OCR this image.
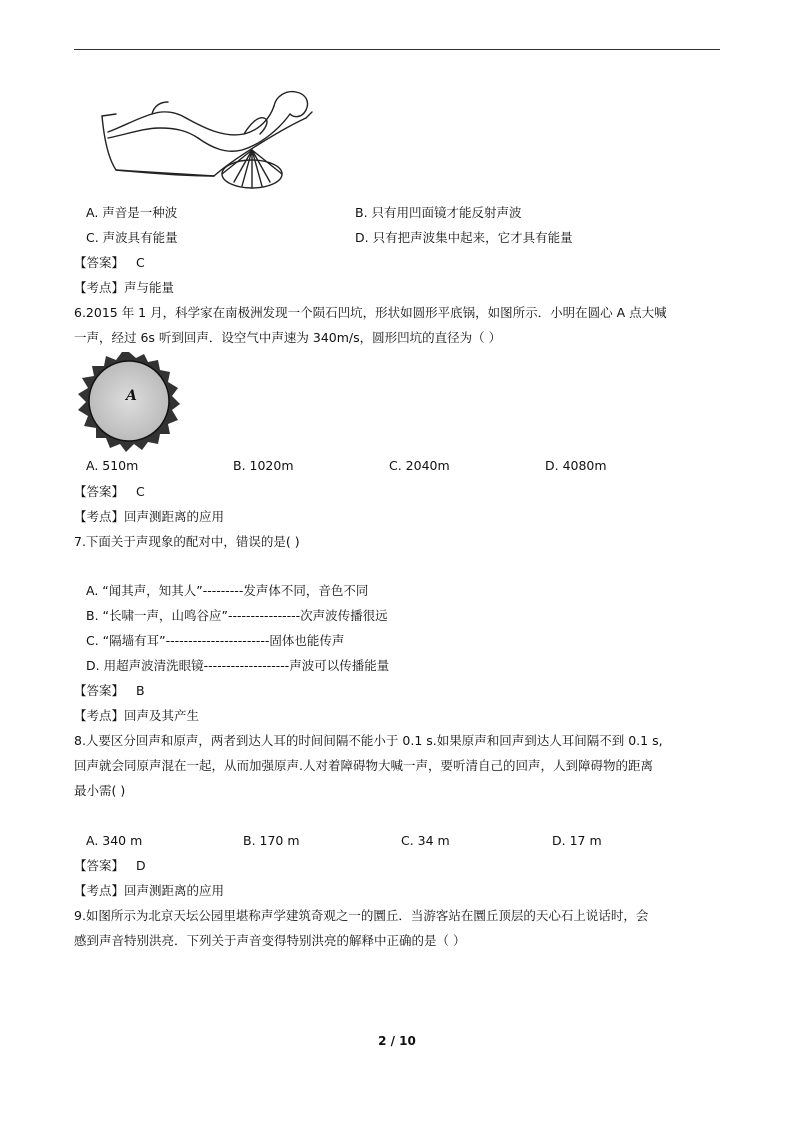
A. 声音是一种波	B. 只有用凹面镜才能反射声波
C. 声波具有能量	D. 只有把声波集中起来，它才具有能量
【答案】 C
【考点】声与能量
6.2015 年 1 月，科学家在南极洲发现一个陨石凹坑，形状如圆形平底锅，如图所示．小明在圆心 A 点大喊
一声，经过 6s 听到回声．设空气中声速为 340m/s，圆形凹坑的直径为（ ）
A
A. 510m	B. 1020m	C. 2040m	D. 4080m
【答案】 C
【考点】回声测距离的应用
7.下面关于声现象的配对中，错误的是( )
A. “闻其声，知其人”---------发声体不同，音色不同
B. “长啸一声，山鸣谷应”----------------次声波传播很远
C. “隔墙有耳”-----------------------固体也能传声
D. 用超声波清洗眼镜-------------------声波可以传播能量
【答案】 B
【考点】回声及其产生
8.人要区分回声和原声，两者到达人耳的时间间隔不能小于 0.1 s.如果原声和回声到达人耳间隔不到 0.1 s,
回声就会同原声混在一起，从而加强原声.人对着障碍物大喊一声，要听清自己的回声，人到障碍物的距离
最小需( )
A. 340 m	B. 170 m	C. 34 m	D. 17 m
【答案】 D
【考点】回声测距离的应用
9.如图所示为北京天坛公园里堪称声学建筑奇观之一的圜丘．当游客站在圜丘顶层的天心石上说话时，会
感到声音特别洪亮．下列关于声音变得特别洪亮的解释中正确的是（ ）
2 / 10
